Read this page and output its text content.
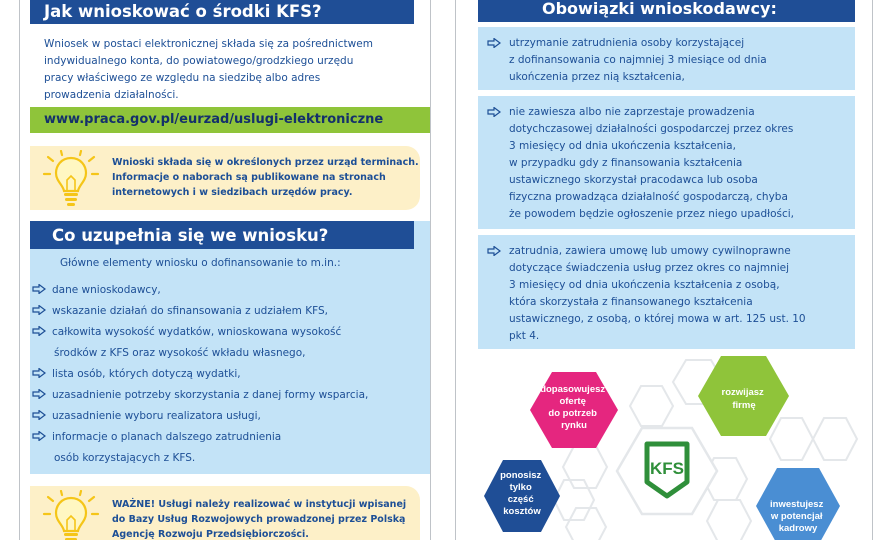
Jak wnioskować o środki KFS?
Wniosek w postaci elektronicznej składa się za pośrednictwem
indywidualnego konta, do powiatowego/grodzkiego urzędu
pracy właściwego ze względu na siedzibę albo adres
prowadzenia działalności.
www.praca.gov.pl/eurzad/uslugi-elektroniczne
Wnioski składa się w określonych przez urząd terminach.
Informacje o naborach są publikowane na stronach
internetowych i w siedzibach urzędów pracy.
Co uzupełnia się we wniosku?
Główne elementy wniosku o dofinansowanie to m.in.:
dane wnioskodawcy,
wskazanie działań do sfinansowania z udziałem KFS,
całkowita wysokość wydatków, wnioskowana wysokość
środków z KFS oraz wysokość wkładu własnego,
lista osób, których dotyczą wydatki,
uzasadnienie potrzeby skorzystania z danej formy wsparcia,
uzasadnienie wyboru realizatora usługi,
informacje o planach dalszego zatrudnienia
osób korzystających z KFS.
WAŻNE! Usługi należy realizować w instytucji wpisanej
do Bazy Usług Rozwojowych prowadzonej przez Polską
Agencję Rozwoju Przedsiębiorczości.
Obowiązki wnioskodawcy:
utrzymanie zatrudnienia osoby korzystającej
z dofinansowania co najmniej 3 miesiące od dnia
ukończenia przez nią kształcenia,
nie zawiesza albo nie zaprzestaje prowadzenia
dotychczasowej działalności gospodarczej przez okres
3 miesięcy od dnia ukończenia kształcenia,
w przypadku gdy z finansowania kształcenia
ustawicznego skorzystał pracodawca lub osoba
fizyczna prowadząca działalność gospodarczą, chyba
że powodem będzie ogłoszenie przez niego upadłości,
zatrudnia, zawiera umowę lub umowy cywilnoprawne
dotyczące świadczenia usług przez okres co najmniej
3 miesięcy od dnia ukończenia kształcenia z osobą,
która skorzystała z finansowanego kształcenia
ustawicznego, z osobą, o której mowa w art. 125 ust. 10
pkt 4.
KFS
dopasowujesz ofertę do potrzeb rynku
rozwijasz firmę
ponosisz tylko część kosztów
inwestujesz w potencjał kadrowy
